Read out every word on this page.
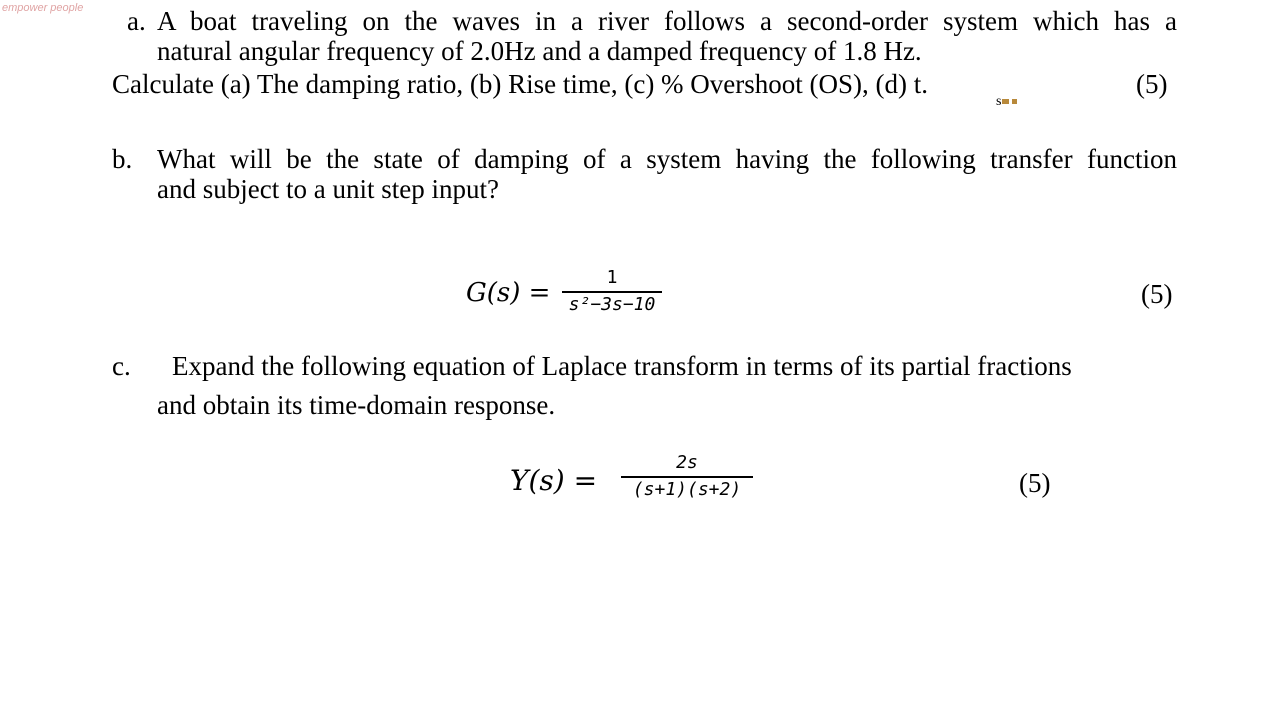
empower people a. A boat traveling on the waves in a river follows a second-order system which has a
natural angular frequency of 2.0Hz and a damped frequency of 1.8 Hz.
Calculate (a) The damping ratio, (b) Rise time, (c) % Overshoot (OS), (d) t.
s
(5)
b. What will be the state of damping of a system having the following transfer function
and subject to a unit step input?
G(s) =
1
s²−3s−10	(5)
c. Expand the following equation of Laplace transform in terms of its partial fractions
and obtain its time-domain response.
Y(s) =
2s
(s+1)(s+2)	(5)
